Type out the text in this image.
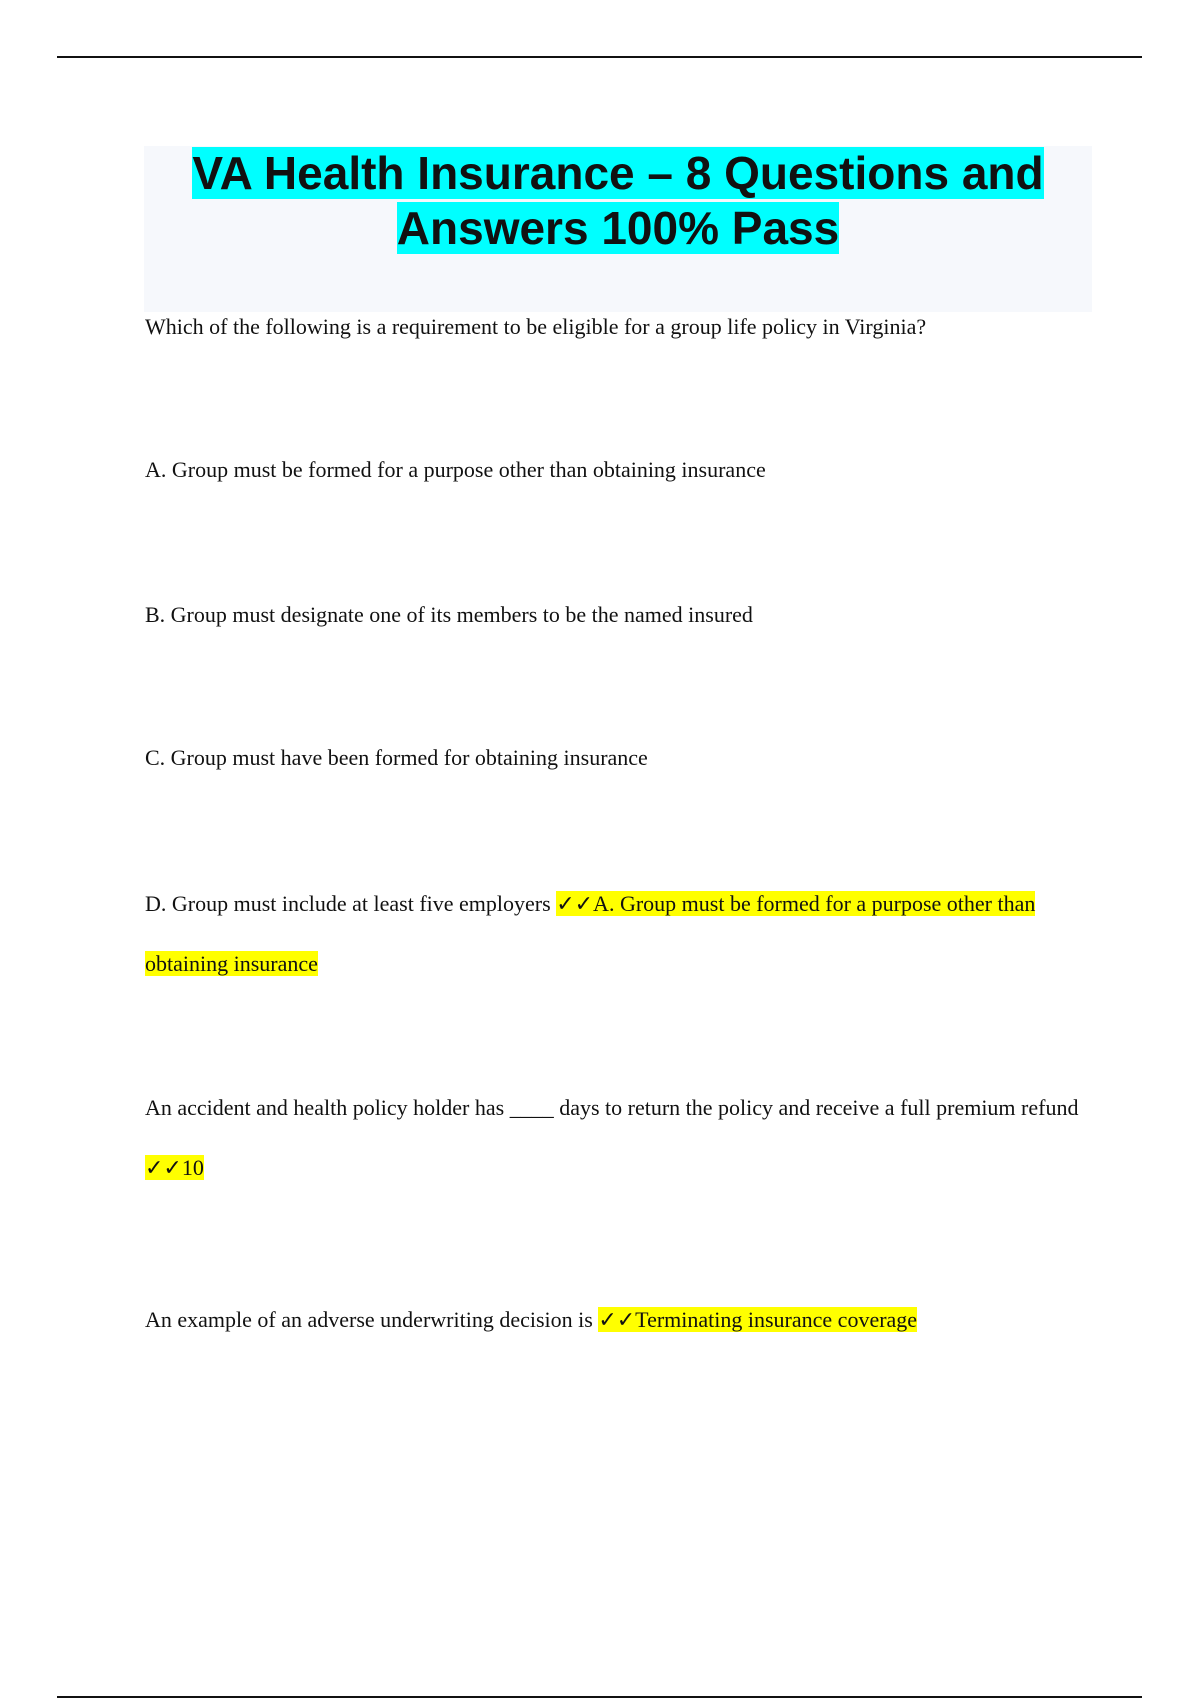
VA Health Insurance – 8 Questions and Answers 100% Pass

Which of the following is a requirement to be eligible for a group life policy in Virginia?

A. Group must be formed for a purpose other than obtaining insurance

B. Group must designate one of its members to be the named insured

C. Group must have been formed for obtaining insurance

D. Group must include at least five employers ✓✓A. Group must be formed for a purpose other than obtaining insurance

An accident and health policy holder has ____ days to return the policy and receive a full premium refund ✓✓10

An example of an adverse underwriting decision is ✓✓Terminating insurance coverage
